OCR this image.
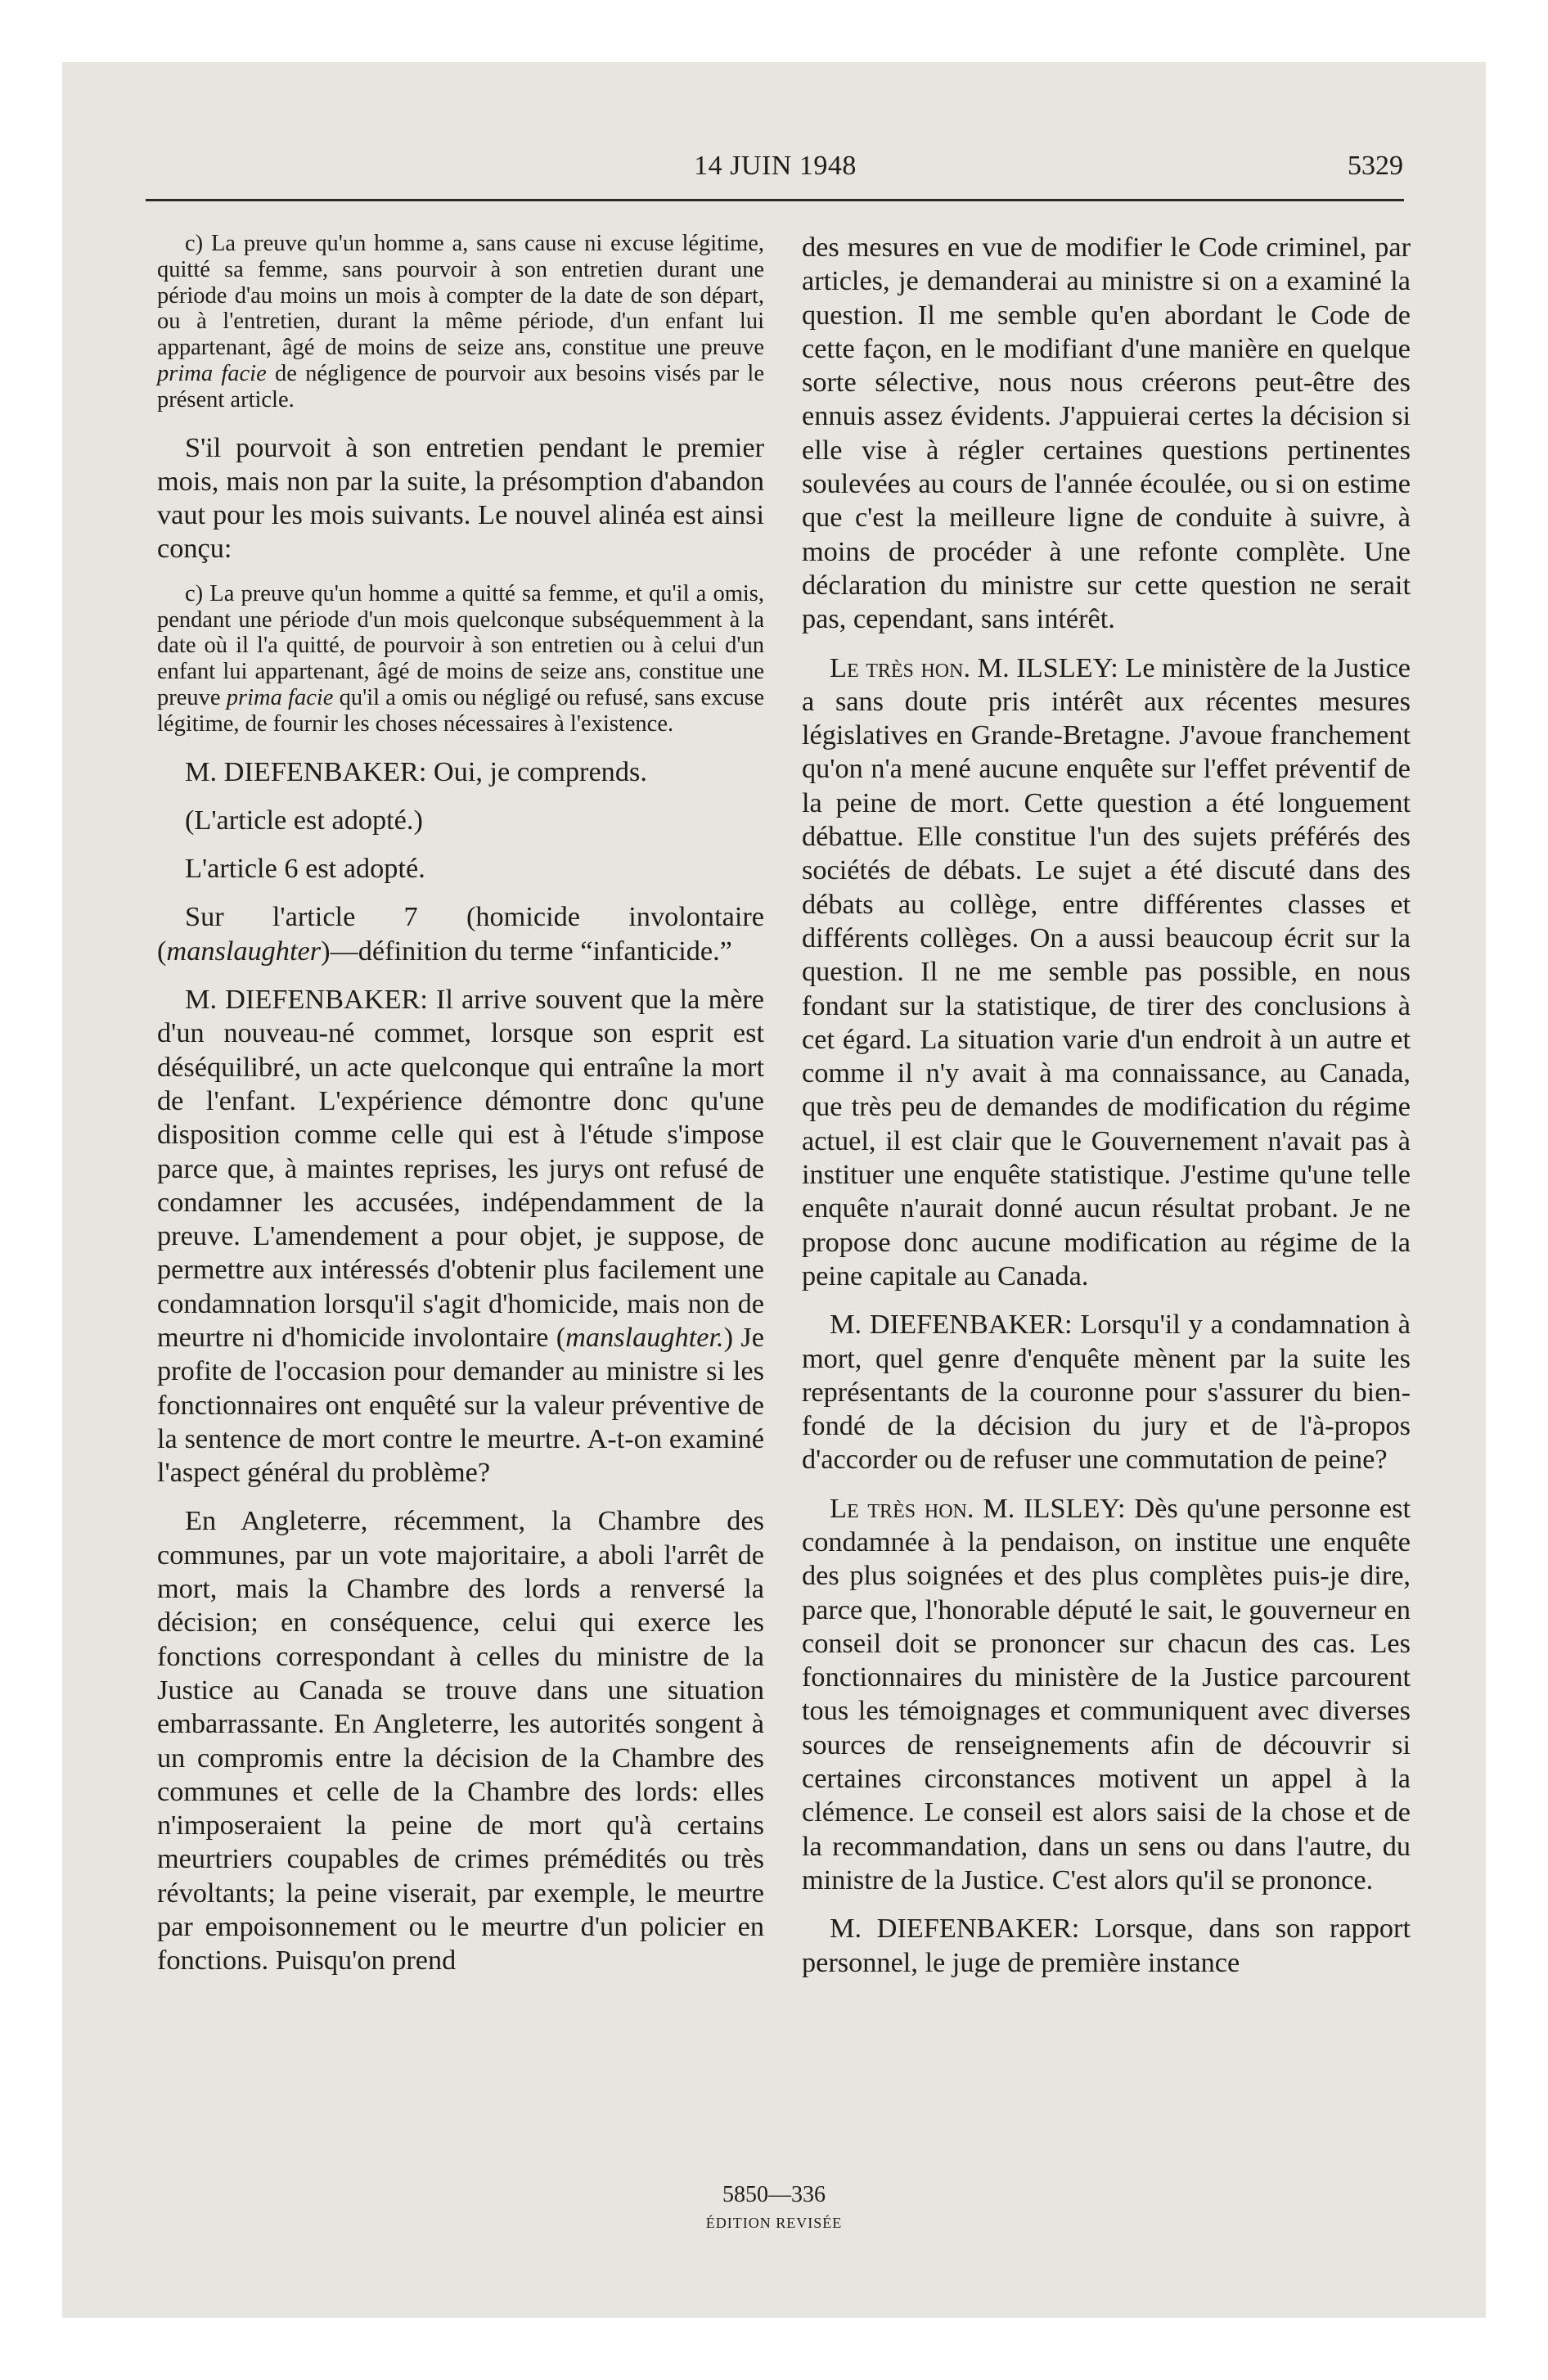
14 JUIN 1948	5329

c) La preuve qu'un homme a, sans cause ni excuse légitime, quitté sa femme, sans pourvoir à son entretien durant une période d'au moins un mois à compter de la date de son départ, ou à l'entretien, durant la même période, d'un enfant lui appartenant, âgé de moins de seize ans, constitue une preuve prima facie de négligence de pourvoir aux besoins visés par le présent article.

S'il pourvoit à son entretien pendant le premier mois, mais non par la suite, la présomption d'abandon vaut pour les mois suivants. Le nouvel alinéa est ainsi conçu:

c) La preuve qu'un homme a quitté sa femme, et qu'il a omis, pendant une période d'un mois quelconque subséquemment à la date où il l'a quitté, de pourvoir à son entretien ou à celui d'un enfant lui appartenant, âgé de moins de seize ans, constitue une preuve prima facie qu'il a omis ou négligé ou refusé, sans excuse légitime, de fournir les choses nécessaires à l'existence.

M. DIEFENBAKER: Oui, je comprends.

(L'article est adopté.)

L'article 6 est adopté.

Sur l'article 7 (homicide involontaire (manslaughter)—définition du terme “infanticide.”

M. DIEFENBAKER: Il arrive souvent que la mère d'un nouveau-né commet, lorsque son esprit est déséquilibré, un acte quelconque qui entraîne la mort de l'enfant. L'expérience démontre donc qu'une disposition comme celle qui est à l'étude s'impose parce que, à maintes reprises, les jurys ont refusé de condamner les accusées, indépendamment de la preuve. L'amendement a pour objet, je suppose, de permettre aux intéressés d'obtenir plus facilement une condamnation lorsqu'il s'agit d'homicide, mais non de meurtre ni d'homicide involontaire (manslaughter.) Je profite de l'occasion pour demander au ministre si les fonctionnaires ont enquêté sur la valeur préventive de la sentence de mort contre le meurtre. A-t-on examiné l'aspect général du problème?

En Angleterre, récemment, la Chambre des communes, par un vote majoritaire, a aboli l'arrêt de mort, mais la Chambre des lords a renversé la décision; en conséquence, celui qui exerce les fonctions correspondant à celles du ministre de la Justice au Canada se trouve dans une situation embarrassante. En Angleterre, les autorités songent à un compromis entre la décision de la Chambre des communes et celle de la Chambre des lords: elles n'imposeraient la peine de mort qu'à certains meurtriers coupables de crimes prémédités ou très révoltants; la peine viserait, par exemple, le meurtre par empoisonnement ou le meurtre d'un policier en fonctions. Puisqu'on prend

des mesures en vue de modifier le Code criminel, par articles, je demanderai au ministre si on a examiné la question. Il me semble qu'en abordant le Code de cette façon, en le modifiant d'une manière en quelque sorte sélective, nous nous créerons peut-être des ennuis assez évidents. J'appuierai certes la décision si elle vise à régler certaines questions pertinentes soulevées au cours de l'année écoulée, ou si on estime que c'est la meilleure ligne de conduite à suivre, à moins de procéder à une refonte complète. Une déclaration du ministre sur cette question ne serait pas, cependant, sans intérêt.

Le très hon. M. ILSLEY: Le ministère de la Justice a sans doute pris intérêt aux récentes mesures législatives en Grande-Bretagne. J'avoue franchement qu'on n'a mené aucune enquête sur l'effet préventif de la peine de mort. Cette question a été longuement débattue. Elle constitue l'un des sujets préférés des sociétés de débats. Le sujet a été discuté dans des débats au collège, entre différentes classes et différents collèges. On a aussi beaucoup écrit sur la question. Il ne me semble pas possible, en nous fondant sur la statistique, de tirer des conclusions à cet égard. La situation varie d'un endroit à un autre et comme il n'y avait à ma connaissance, au Canada, que très peu de demandes de modification du régime actuel, il est clair que le Gouvernement n'avait pas à instituer une enquête statistique. J'estime qu'une telle enquête n'aurait donné aucun résultat probant. Je ne propose donc aucune modification au régime de la peine capitale au Canada.

M. DIEFENBAKER: Lorsqu'il y a condamnation à mort, quel genre d'enquête mènent par la suite les représentants de la couronne pour s'assurer du bien-fondé de la décision du jury et de l'à-propos d'accorder ou de refuser une commutation de peine?

Le très hon. M. ILSLEY: Dès qu'une personne est condamnée à la pendaison, on institue une enquête des plus soignées et des plus complètes puis-je dire, parce que, l'honorable député le sait, le gouverneur en conseil doit se prononcer sur chacun des cas. Les fonctionnaires du ministère de la Justice parcourent tous les témoignages et communiquent avec diverses sources de renseignements afin de découvrir si certaines circonstances motivent un appel à la clémence. Le conseil est alors saisi de la chose et de la recommandation, dans un sens ou dans l'autre, du ministre de la Justice. C'est alors qu'il se prononce.

M. DIEFENBAKER: Lorsque, dans son rapport personnel, le juge de première instance

5850—336
ÉDITION REVISÉE
